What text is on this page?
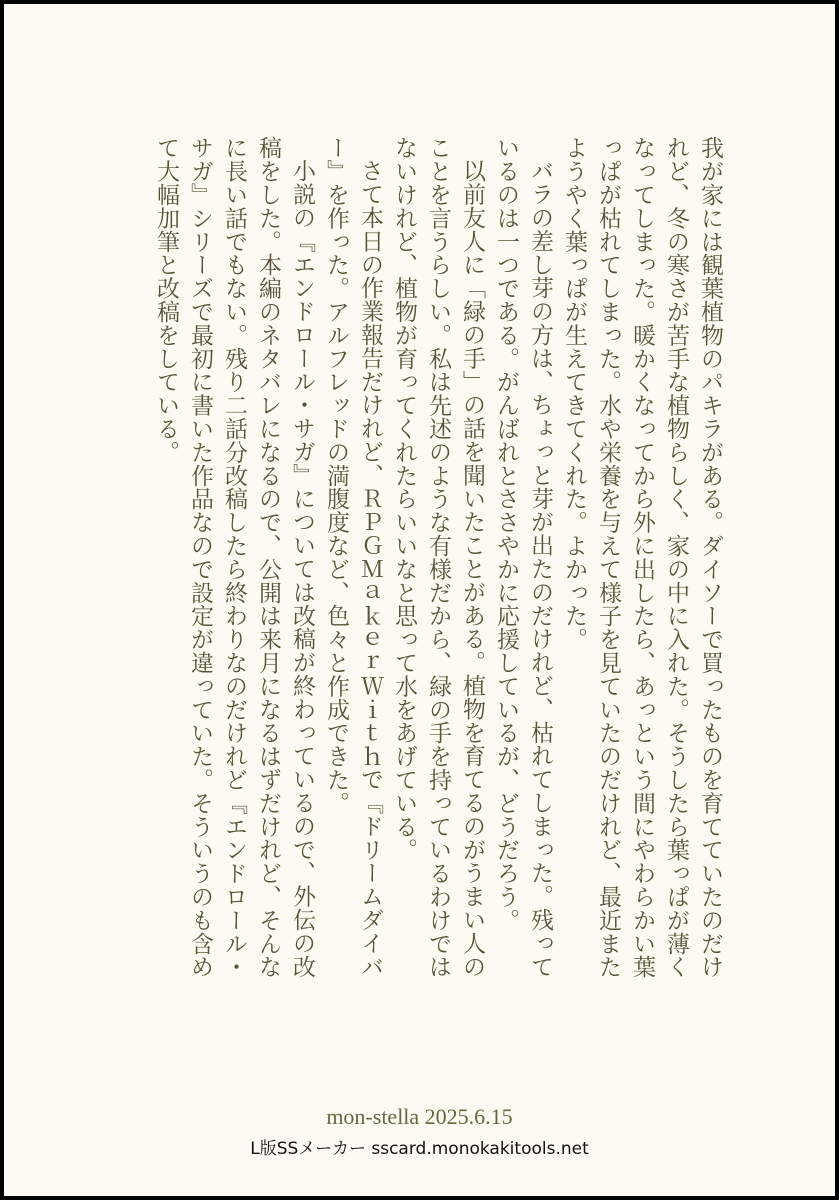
我が家には観葉植物のパキラがある。ダイソーで買ったものを育てていたのだけれど、冬の寒さが苦手な植物らしく、家の中に入れた。そうしたら葉っぱが薄くなってしまった。暖かくなってから外に出したら、あっという間にやわらかい葉っぱが枯れてしまった。水や栄養を与えて様子を見ていたのだけれど、最近またようやく葉っぱが生えてきてくれた。よかった。

バラの差し芽の方は、ちょっと芽が出たのだけれど、枯れてしまった。残っているのは一つである。がんばれとささやかに応援しているが、どうだろう。

以前友人に「緑の手」の話を聞いたことがある。植物を育てるのがうまい人のことを言うらしい。私は先述のような有様だから、緑の手を持っているわけではないけれど、植物が育ってくれたらいいなと思って水をあげている。

さて本日の作業報告だけれど、ＲＰＧＭａｋｅｒＷｉｔｈで『ドリームダイバー』を作った。アルフレッドの満腹度など、色々と作成できた。

小説の『エンドロール・サガ』については改稿が終わっているので、外伝の改稿をした。本編のネタバレになるので、公開は来月になるはずだけれど、そんなに長い話でもない。残り二話分改稿したら終わりなのだけれど『エンドロール・サガ』シリーズで最初に書いた作品なので設定が違っていた。そういうのも含めて大幅加筆と改稿をしている。

mon-stella 2025.6.15

L版SSメーカー sscard.monokakitools.net
